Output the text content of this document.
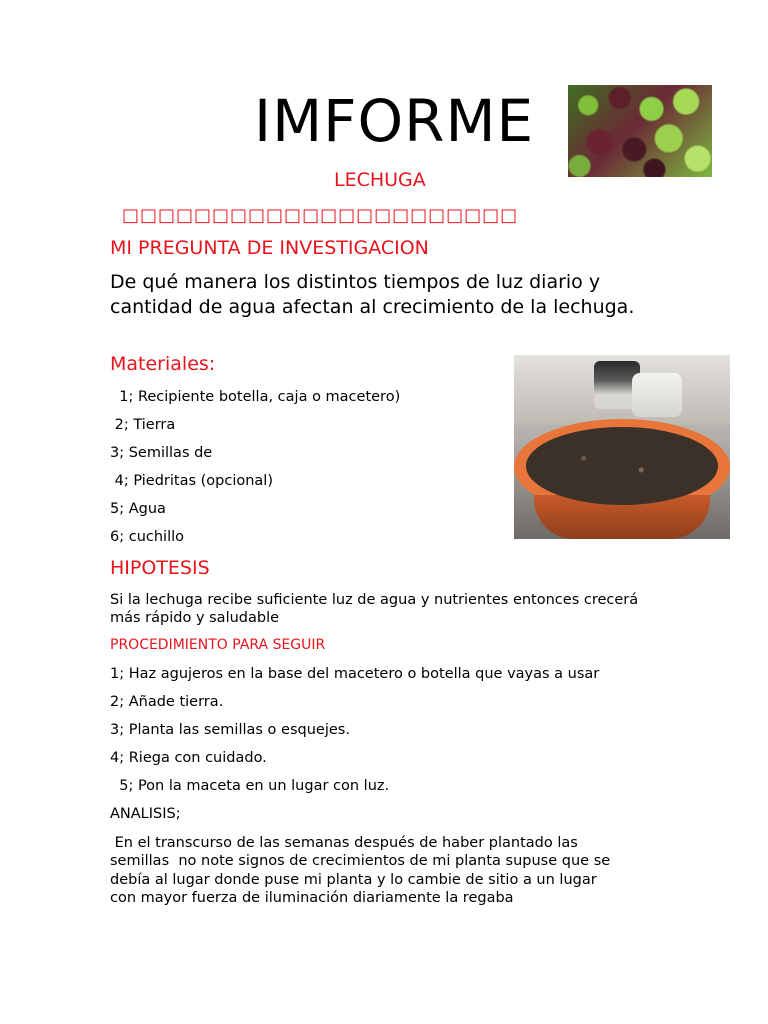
IMFORME
LECHUGA
□□□□□□□□□□□□□□□□□□□□□□
MI PREGUNTA DE INVESTIGACION
De qué manera los distintos tiempos de luz diario y cantidad de agua afectan al crecimiento de la lechuga.
Materiales:
1; Recipiente botella, caja o macetero)
2; Tierra
3; Semillas de
4; Piedritas (opcional)
5; Agua
6; cuchillo
HIPOTESIS
Si la lechuga recibe suficiente luz de agua y nutrientes entonces crecerá más rápido y saludable
PROCEDIMIENTO PARA SEGUIR
1; Haz agujeros en la base del macetero o botella que vayas a usar
2; Añade tierra.
3; Planta las semillas o esquejes.
4; Riega con cuidado.
5; Pon la maceta en un lugar con luz.
ANALISIS;
En el transcurso de las semanas después de haber plantado las
semillas  no note signos de crecimientos de mi planta supuse que se
debía al lugar donde puse mi planta y lo cambie de sitio a un lugar
con mayor fuerza de iluminación diariamente la regaba
